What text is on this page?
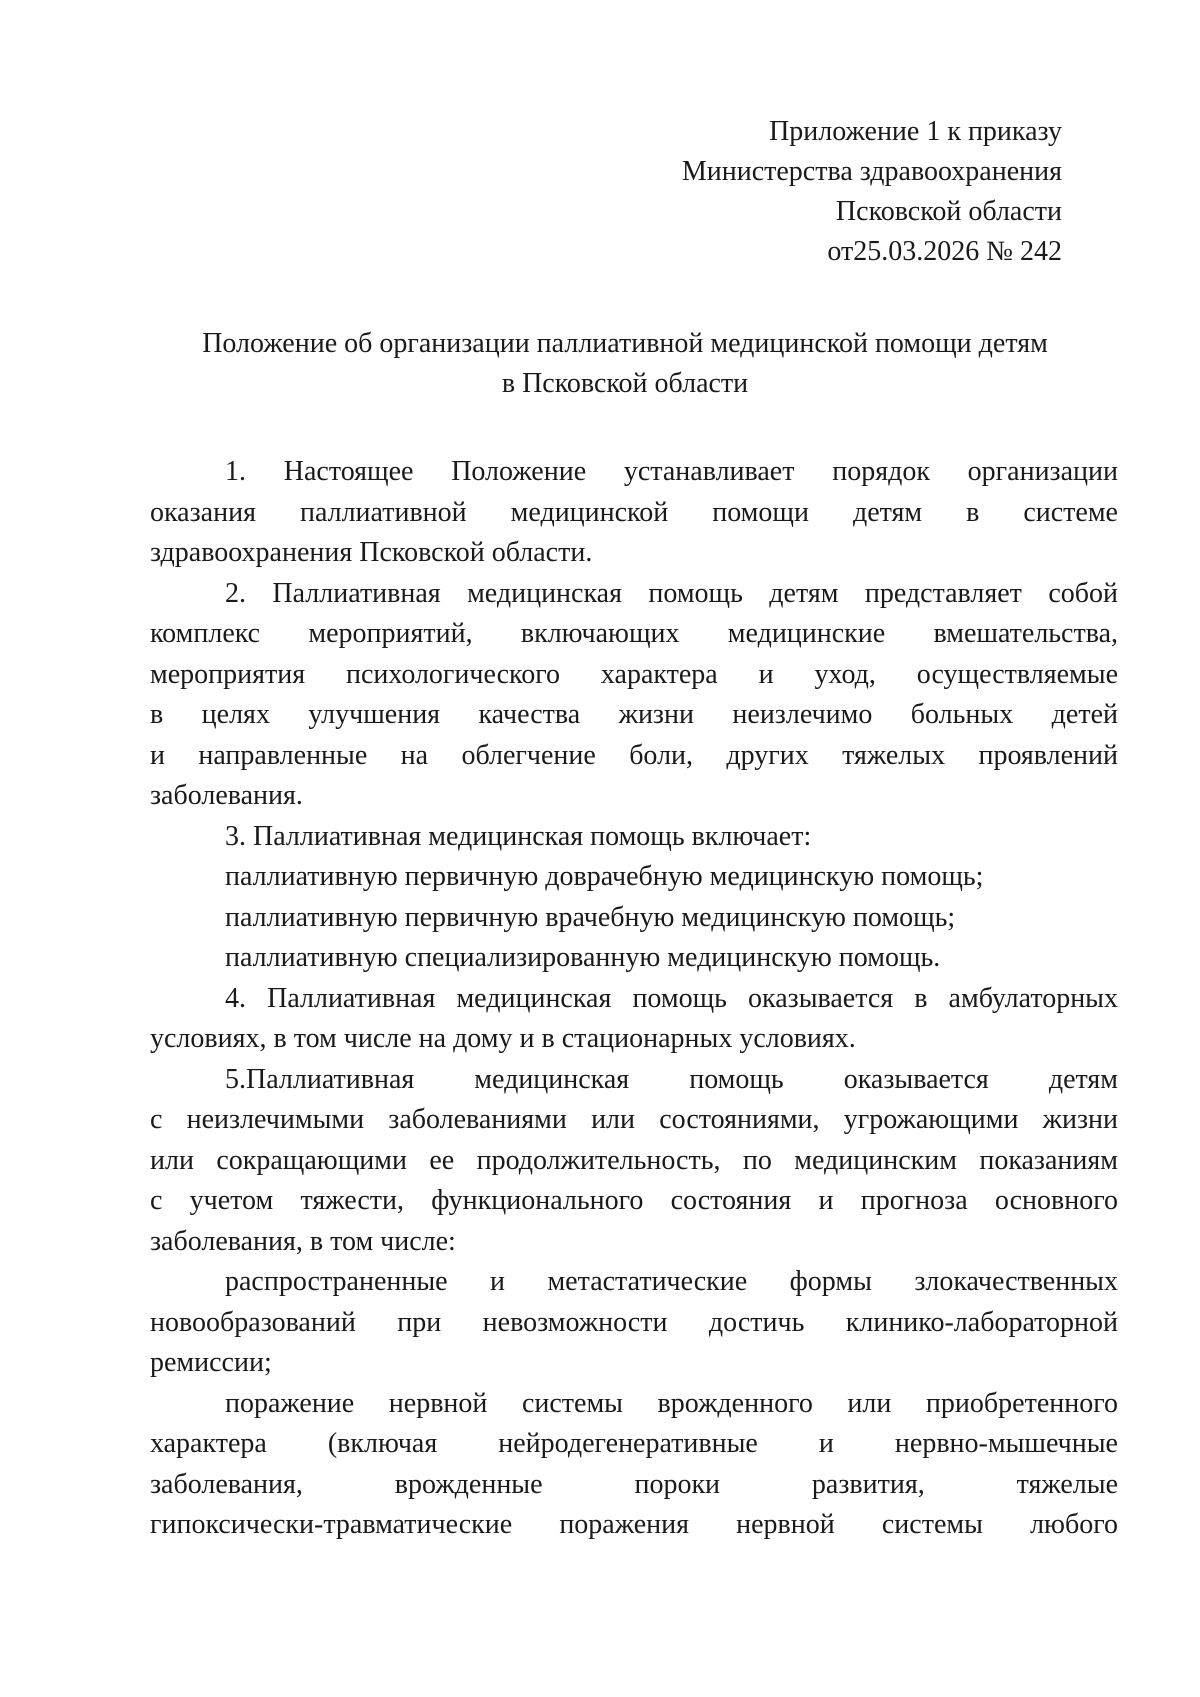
Приложение 1 к приказу
Министерства здравоохранения
Псковской области
от25.03.2026 № 242
Положение об организации паллиативной медицинской помощи детям
в Псковской области
1. Настоящее Положение устанавливает порядок организации
оказания паллиативной медицинской помощи детям в системе
здравоохранения Псковской области.
2. Паллиативная медицинская помощь детям представляет собой
комплекс мероприятий, включающих медицинские вмешательства,
мероприятия психологического характера и уход, осуществляемые
в целях улучшения качества жизни неизлечимо больных детей
и направленные на облегчение боли, других тяжелых проявлений
заболевания.
3. Паллиативная медицинская помощь включает:
паллиативную первичную доврачебную медицинскую помощь;
паллиативную первичную врачебную медицинскую помощь;
паллиативную специализированную медицинскую помощь.
4. Паллиативная медицинская помощь оказывается в амбулаторных
условиях, в том числе на дому и в стационарных условиях.
5.Паллиативная медицинская помощь оказывается детям
с неизлечимыми заболеваниями или состояниями, угрожающими жизни
или сокращающими ее продолжительность, по медицинским показаниям
с учетом тяжести, функционального состояния и прогноза основного
заболевания, в том числе:
распространенные и метастатические формы злокачественных
новообразований при невозможности достичь клинико-лабораторной
ремиссии;
поражение нервной системы врожденного или приобретенного
характера (включая нейродегенеративные и нервно-мышечные
заболевания, врожденные пороки развития, тяжелые
гипоксически-травматические поражения нервной системы любого
